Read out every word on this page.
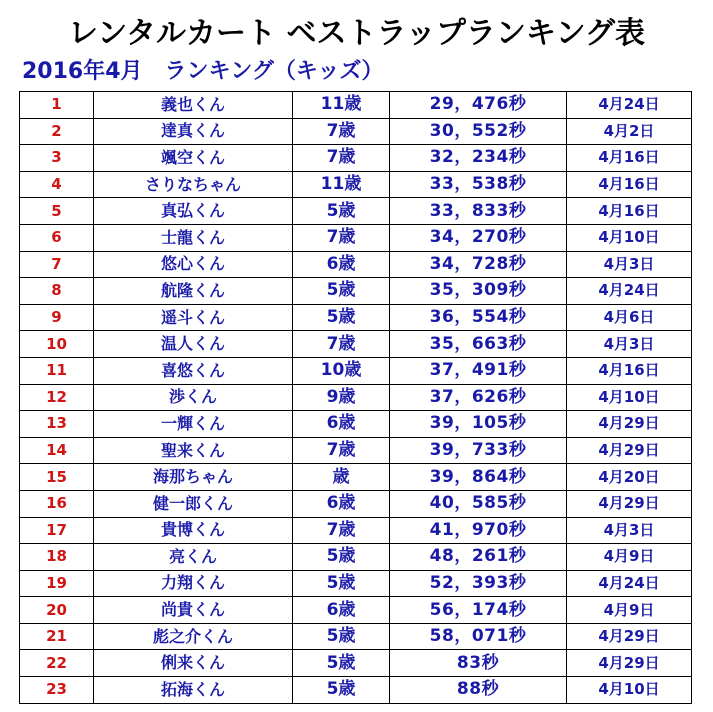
レンタルカート ベストラップランキング表
2016年4月　ランキング（キッズ）
1	義也くん	11歳	29，476秒	4月24日
2	達真くん	7歳	30，552秒	4月2日
3	颯空くん	7歳	32，234秒	4月16日
4	さりなちゃん	11歳	33，538秒	4月16日
5	真弘くん	5歳	33，833秒	4月16日
6	士龍くん	7歳	34，270秒	4月10日
7	悠心くん	6歳	34，728秒	4月3日
8	航隆くん	5歳	35，309秒	4月24日
9	遥斗くん	5歳	36，554秒	4月6日
10	温人くん	7歳	35，663秒	4月3日
11	喜悠くん	10歳	37，491秒	4月16日
12	渉くん	9歳	37，626秒	4月10日
13	一輝くん	6歳	39，105秒	4月29日
14	聖来くん	7歳	39，733秒	4月29日
15	海那ちゃん	歳	39，864秒	4月20日
16	健一郎くん	6歳	40，585秒	4月29日
17	貴博くん	7歳	41，970秒	4月3日
18	亮くん	5歳	48，261秒	4月9日
19	力翔くん	5歳	52，393秒	4月24日
20	尚貴くん	6歳	56，174秒	4月9日
21	彪之介くん	5歳	58，071秒	4月29日
22	俐来くん	5歳	83秒	4月29日
23	拓海くん	5歳	88秒	4月10日
